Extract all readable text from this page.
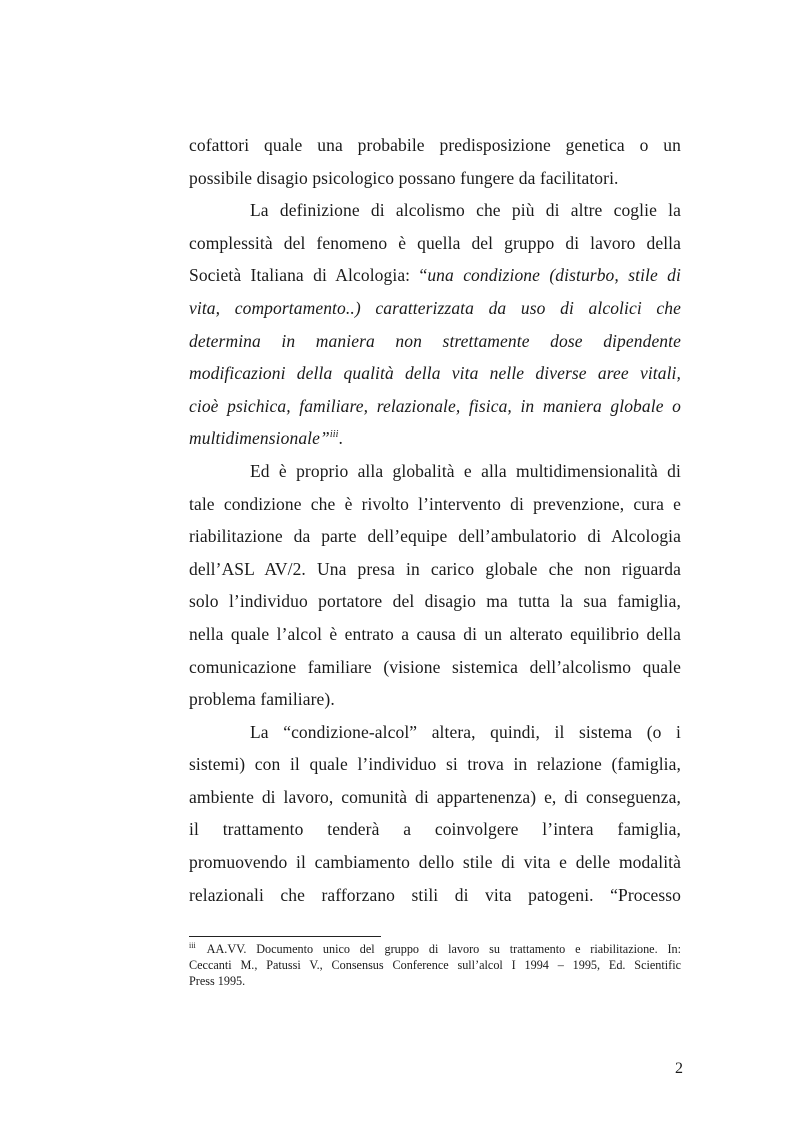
cofattori quale una probabile predisposizione genetica o un
possibile disagio psicologico possano fungere da facilitatori.
La definizione di alcolismo che più di altre coglie la
complessità del fenomeno è quella del gruppo di lavoro della
Società Italiana di Alcologia: “una condizione (disturbo, stile di
vita, comportamento..) caratterizzata da uso di alcolici che
determina in maniera non strettamente dose dipendente
modificazioni della qualità della vita nelle diverse aree vitali,
cioè psichica, familiare, relazionale, fisica, in maniera globale o
multidimensionale”$^{iii}$.
Ed è proprio alla globalità e alla multidimensionalità di
tale condizione che è rivolto l’intervento di prevenzione, cura e
riabilitazione da parte dell’equipe dell’ambulatorio di Alcologia
dell’ASL AV/2. Una presa in carico globale che non riguarda
solo l’individuo portatore del disagio ma tutta la sua famiglia,
nella quale l’alcol è entrato a causa di un alterato equilibrio della
comunicazione familiare (visione sistemica dell’alcolismo quale
problema familiare).
La “condizione-alcol” altera, quindi, il sistema (o i
sistemi) con il quale l’individuo si trova in relazione (famiglia,
ambiente di lavoro, comunità di appartenenza) e, di conseguenza,
il trattamento tenderà a coinvolgere l’intera famiglia,
promuovendo il cambiamento dello stile di vita e delle modalità
relazionali che rafforzano stili di vita patogeni. “Processo
$^{iii}$ AA.VV. Documento unico del gruppo di lavoro su trattamento e riabilitazione. In:
Ceccanti M., Patussi V., Consensus Conference sull’alcol I 1994 – 1995, Ed. Scientific
Press 1995.
2
